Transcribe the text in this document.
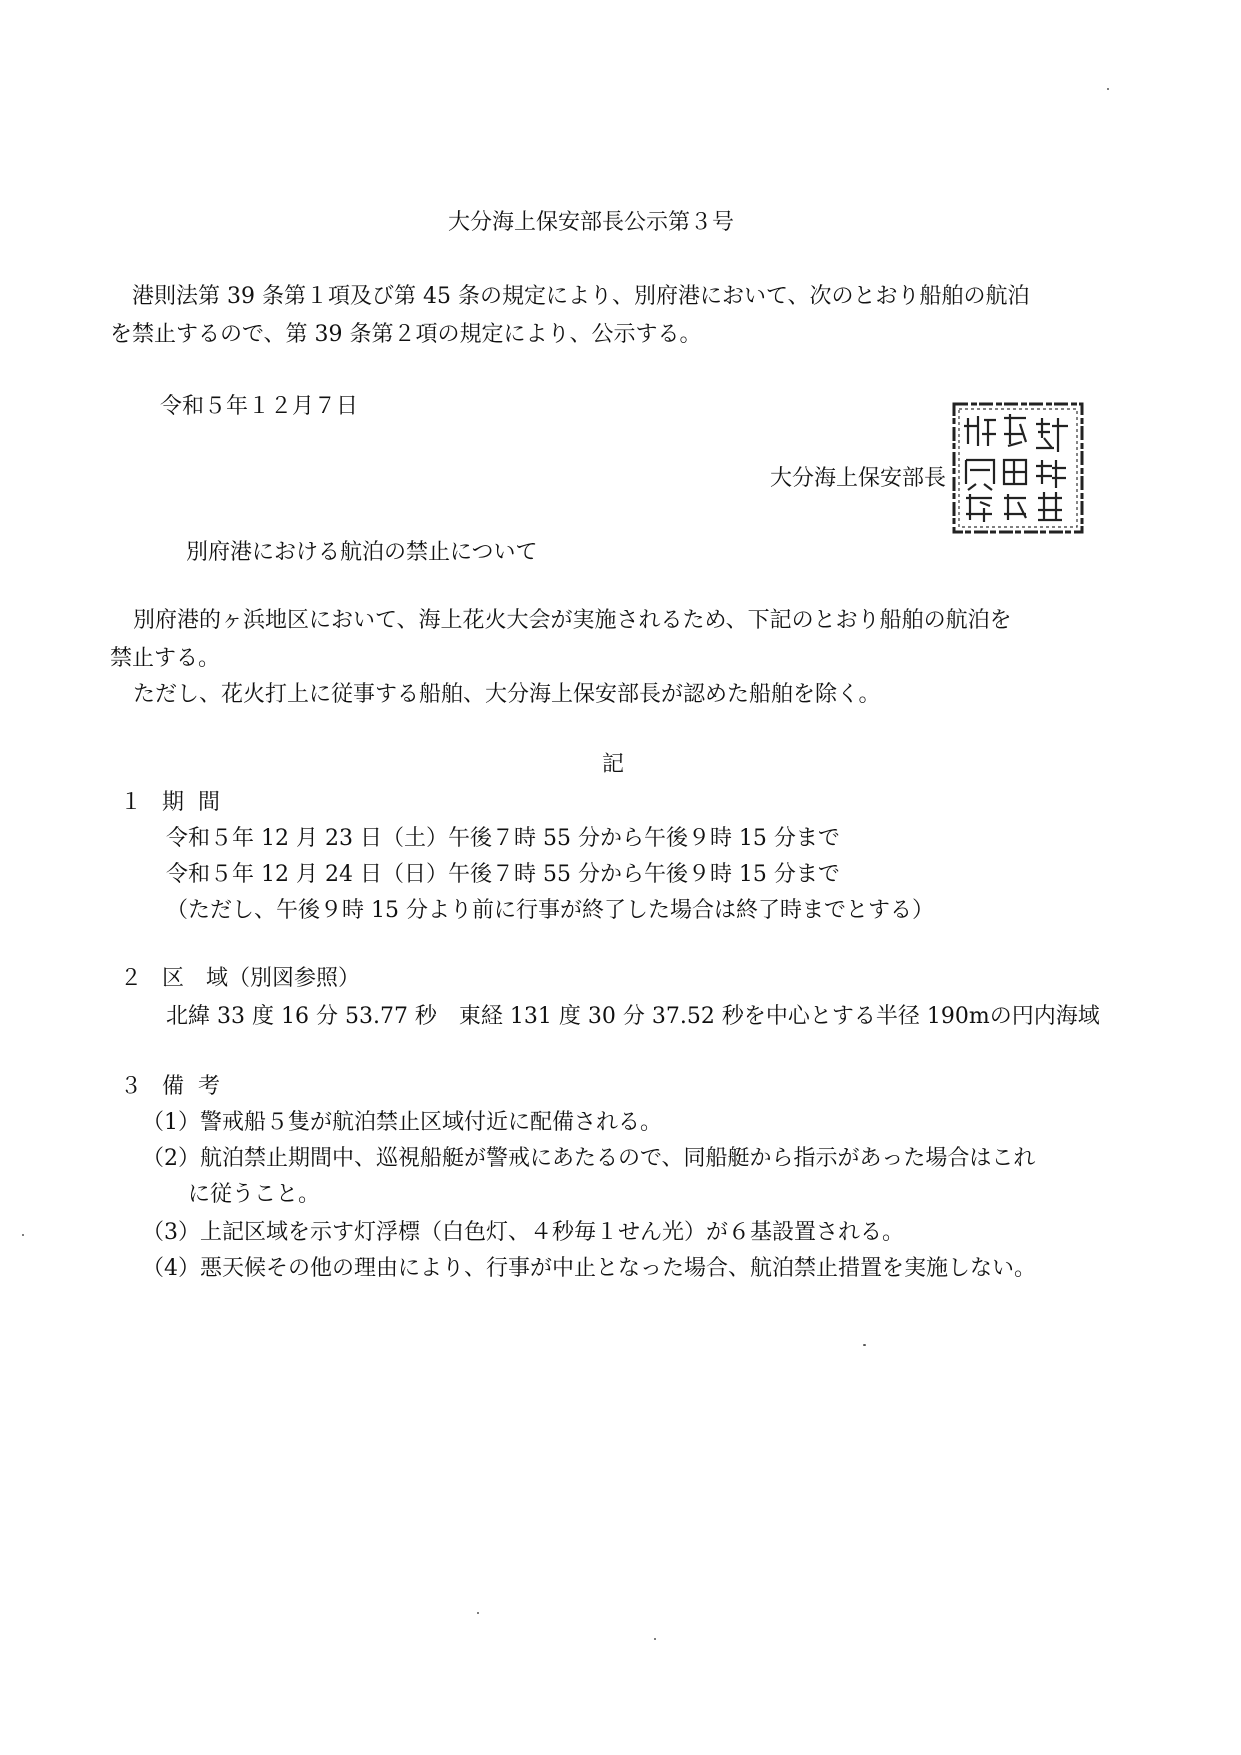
大分海上保安部長公示第３号
港則法第 39 条第１項及び第 45 条の規定により、別府港において、次のとおり船舶の航泊
を禁止するので、第 39 条第２項の規定により、公示する。
令和５年１２月７日
大分海上保安部長
別府港における航泊の禁止について
別府港的ヶ浜地区において、海上花火大会が実施されるため、下記のとおり船舶の航泊を
禁止する。
ただし、花火打上に従事する船舶、大分海上保安部長が認めた船舶を除く。
記
１ 期間
令和５年 12 月 23 日（土）午後７時 55 分から午後９時 15 分まで
令和５年 12 月 24 日（日）午後７時 55 分から午後９時 15 分まで
（ただし、午後９時 15 分より前に行事が終了した場合は終了時までとする）
２ 区　域（別図参照）
北緯 33 度 16 分 53.77 秒　東経 131 度 30 分 37.52 秒を中心とする半径 190mの円内海域
３ 備考
（1）警戒船５隻が航泊禁止区域付近に配備される。
（2）航泊禁止期間中、巡視船艇が警戒にあたるので、同船艇から指示があった場合はこれ
に従うこと。
（3）上記区域を示す灯浮標（白色灯、４秒毎１せん光）が６基設置される。
（4）悪天候その他の理由により、行事が中止となった場合、航泊禁止措置を実施しない。
